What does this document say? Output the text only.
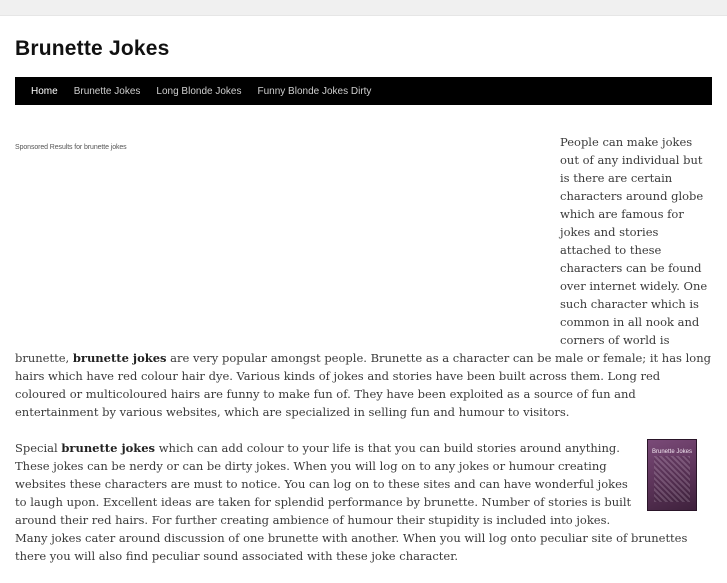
Brunette Jokes
Home Brunette Jokes Long Blonde Jokes Funny Blonde Jokes Dirty
Sponsored Results for brunette jokes	People can make jokes out of any individual but is there are certain characters around globe which are famous for jokes and stories attached to these characters can be found over internet widely. One such character which is common in all nook and corners of world is brunette, brunette jokes are very popular amongst people. Brunette as a character can be male or female; it has long hairs which have red colour hair dye. Various kinds of jokes and stories have been built across them. Long red coloured or multicoloured hairs are funny to make fun of. They have been exploited as a source of fun and entertainment by various websites, which are specialized in selling fun and humour to visitors.

Brunette Jokes

Special brunette jokes which can add colour to your life is that you can build stories around anything. These jokes can be nerdy or can be dirty jokes. When you will log on to any jokes or humour creating websites these characters are must to notice. You can log on to these sites and can have wonderful jokes to laugh upon. Excellent ideas are taken for splendid performance by brunette. Number of stories is built around their red hairs. For further creating ambience of humour their stupidity is included into jokes. Many jokes cater around discussion of one brunette with another. When you will log onto peculiar site of brunettes there you will also find peculiar sound associated with these joke character.
